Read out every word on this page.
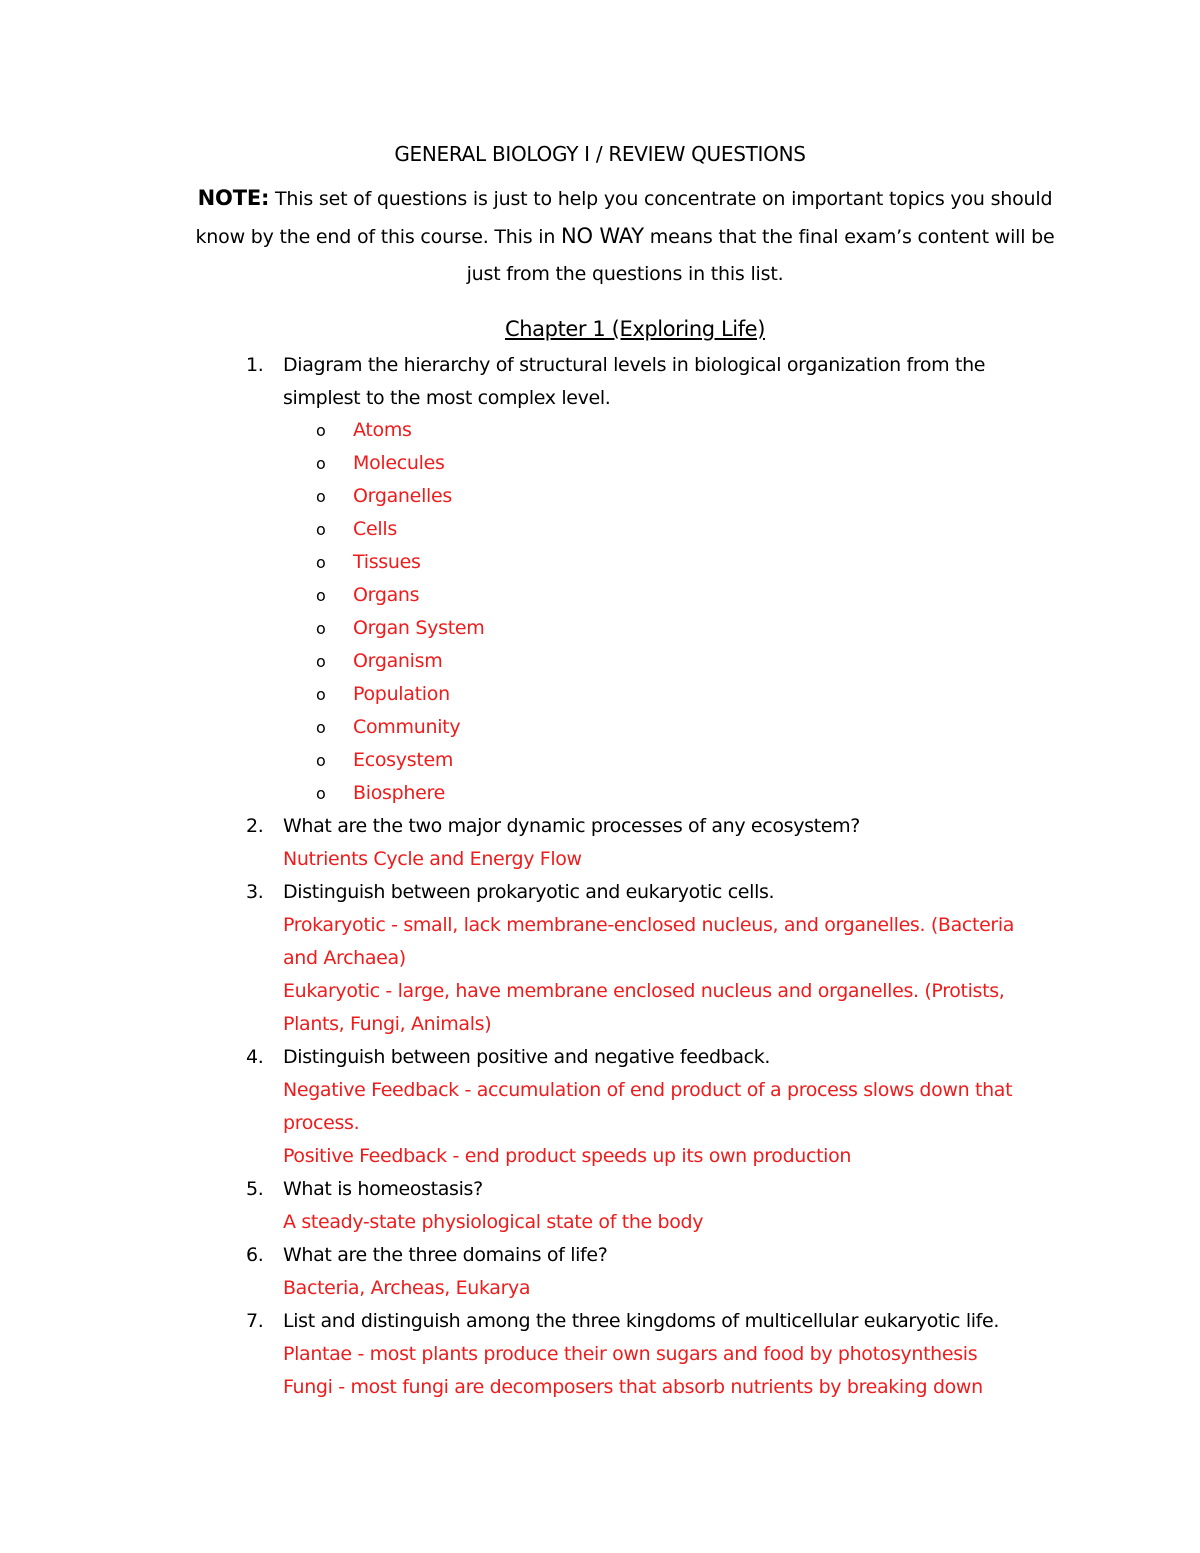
GENERAL BIOLOGY I / REVIEW QUESTIONS
NOTE: This set of questions is just to help you concentrate on important topics you should know by the end of this course. This in NO WAY means that the final exam’s content will be just from the questions in this list.
Chapter 1 (Exploring Life)
1. Diagram the hierarchy of structural levels in biological organization from the
simplest to the most complex level.
o Atoms
o Molecules
o Organelles
o Cells
o Tissues
o Organs
o Organ System
o Organism
o Population
o Community
o Ecosystem
o Biosphere
2. What are the two major dynamic processes of any ecosystem?
Nutrients Cycle and Energy Flow
3. Distinguish between prokaryotic and eukaryotic cells.
Prokaryotic - small, lack membrane-enclosed nucleus, and organelles. (Bacteria
and Archaea)
Eukaryotic - large, have membrane enclosed nucleus and organelles. (Protists,
Plants, Fungi, Animals)
4. Distinguish between positive and negative feedback.
Negative Feedback - accumulation of end product of a process slows down that
process.
Positive Feedback - end product speeds up its own production
5. What is homeostasis?
A steady-state physiological state of the body
6. What are the three domains of life?
Bacteria, Archeas, Eukarya
7. List and distinguish among the three kingdoms of multicellular eukaryotic life.
Plantae - most plants produce their own sugars and food by photosynthesis
Fungi - most fungi are decomposers that absorb nutrients by breaking down
